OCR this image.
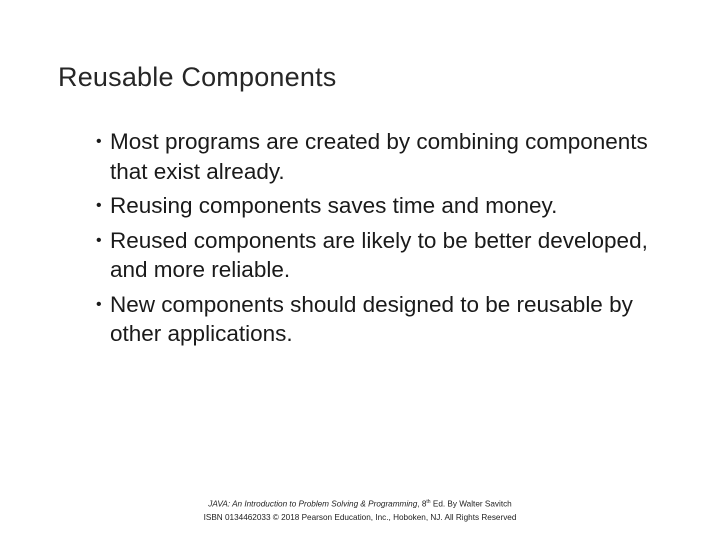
Reusable Components
• Most programs are created by combining components that exist already.
• Reusing components saves time and money.
• Reused components are likely to be better developed, and more reliable.
• New components should designed to be reusable by other applications.
JAVA: An Introduction to Problem Solving & Programming, 8th Ed. By Walter Savitch
ISBN 0134462033 © 2018 Pearson Education, Inc., Hoboken, NJ. All Rights Reserved
